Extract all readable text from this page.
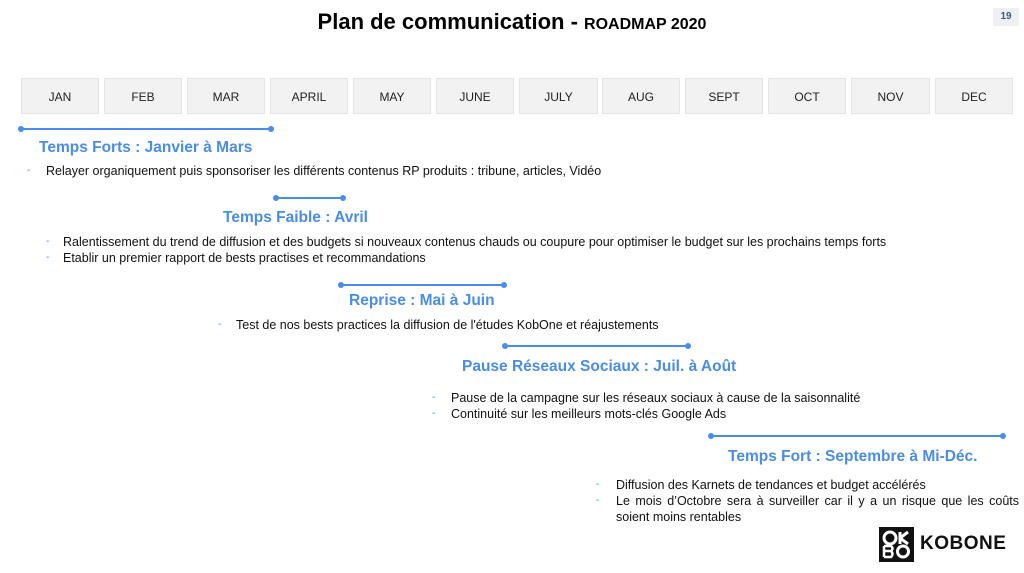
Plan de communication - ROADMAP 2020	19
JAN	FEB	MAR	APRIL	MAY	JUNE	JULY	AUG	SEPT	OCT	NOV	DEC
Temps Forts : Janvier à Mars
- Relayer organiquement puis sponsoriser les différents contenus RP produits : tribune, articles, Vidéo
Temps Faible : Avril
- Ralentissement du trend de diffusion et des budgets si nouveaux contenus chauds ou coupure pour optimiser le budget sur les prochains temps forts
- Etablir un premier rapport de bests practises et recommandations
Reprise : Mai à Juin
- Test de nos bests practices la diffusion de l'études KobOne et réajustements
Pause Réseaux Sociaux : Juil. à Août
- Pause de la campagne sur les réseaux sociaux à cause de la saisonnalité
- Continuité sur les meilleurs mots-clés Google Ads
Temps Fort : Septembre à Mi-Déc.
- Diffusion des Karnets de tendances et budget accélérés
- Le mois d’Octobre sera à surveiller car il y a un risque que les coûts soient moins rentables
KOBONE
